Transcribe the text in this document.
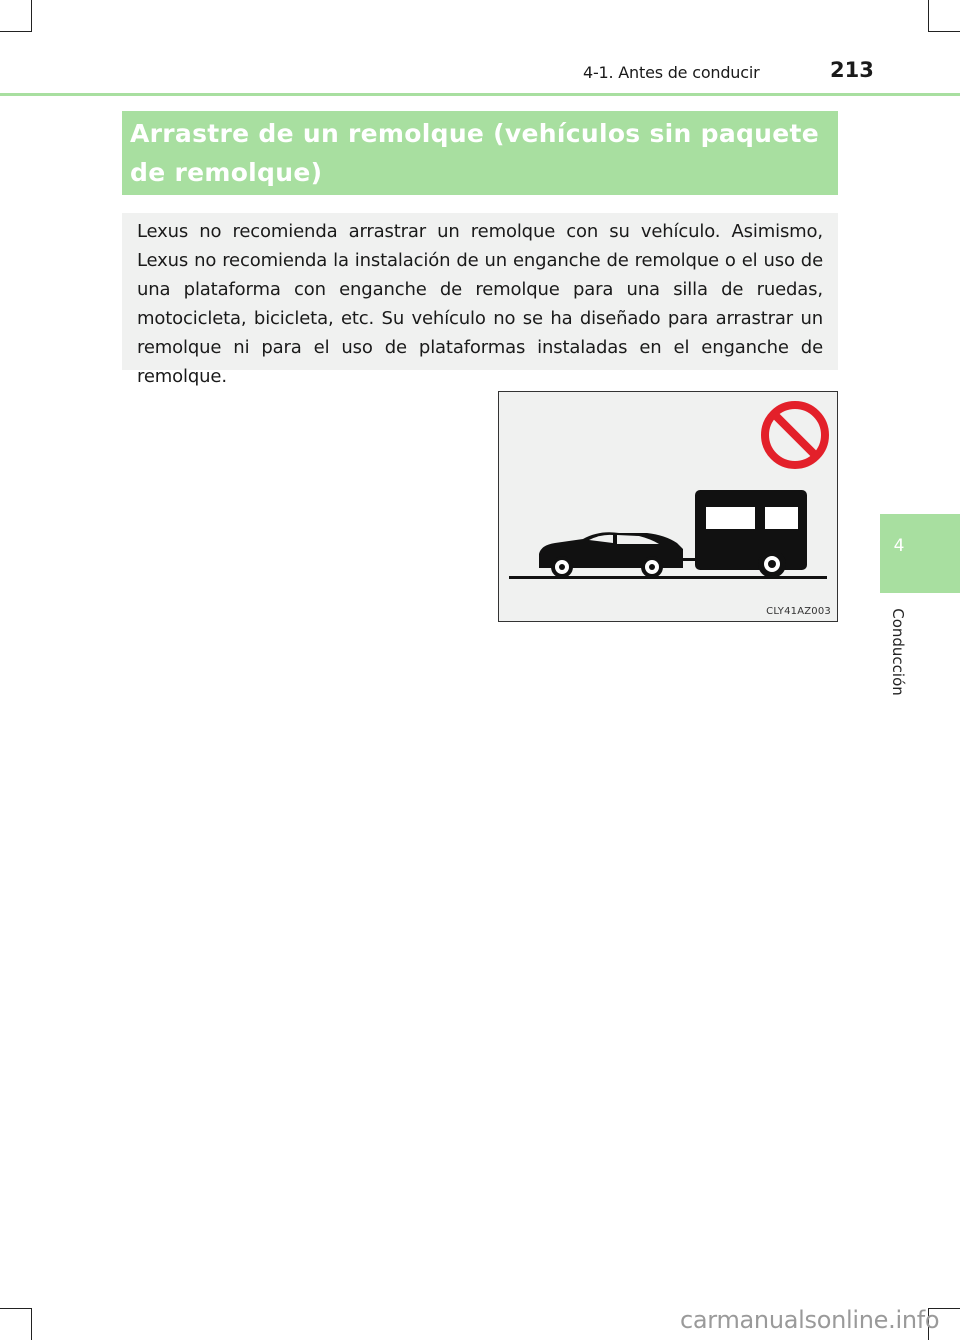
4-1. Antes de conducir	213
4
Conducción
Arrastre de un remolque (vehículos sin paquete de remolque)

Lexus no recomienda arrastrar un remolque con su vehículo. Asimismo, Lexus no recomienda la instalación de un enganche de remolque o el uso de una plataforma con enganche de remolque para una silla de ruedas, motocicleta, bicicleta, etc. Su vehículo no se ha diseñado para arrastrar un remolque ni para el uso de plataformas instaladas en el enganche de remolque.

CLY41AZ003
carmanualsonline.info
